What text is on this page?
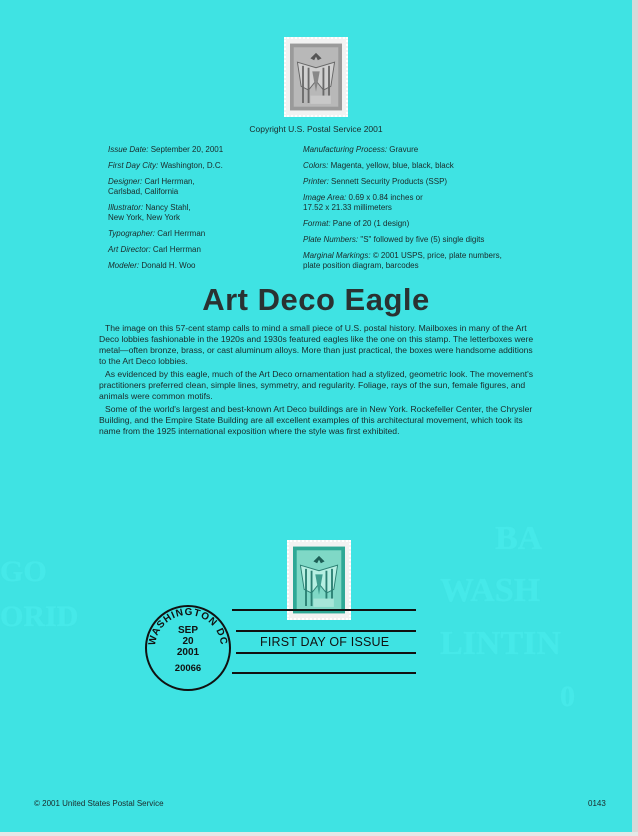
GO
ORID
BA
WASH
LINTIN
0
Copyright U.S. Postal Service 2001
Issue Date: September 20, 2001
First Day City: Washington, D.C.
Designer: Carl Herrman,
Carlsbad, California
Illustrator: Nancy Stahl,
New York, New York
Typographer: Carl Herrman
Art Director: Carl Herrman
Modeler: Donald H. Woo
Manufacturing Process: Gravure
Colors: Magenta, yellow, blue, black, black
Printer: Sennett Security Products (SSP)
Image Area: 0.69 x 0.84 inches or
17.52 x 21.33 millimeters
Format: Pane of 20 (1 design)
Plate Numbers: "S" followed by five (5) single digits
Marginal Markings: © 2001 USPS, price, plate numbers,
plate position diagram, barcodes
Art Deco Eagle

The image on this 57-cent stamp calls to mind a small piece of U.S. postal history. Mailboxes in many of the Art Deco lobbies fashionable in the 1920s and 1930s featured eagles like the one on this stamp. The letterboxes were metal—often bronze, brass, or cast aluminum alloys. More than just practical, the boxes were handsome additions to the Art Deco lobbies.

As evidenced by this eagle, much of the Art Deco ornamentation had a stylized, geometric look. The movement's practitioners preferred clean, simple lines, symmetry, and regularity. Foliage, rays of the sun, female figures, and animals were common motifs.

Some of the world's largest and best-known Art Deco buildings are in New York. Rockefeller Center, the Chrysler Building, and the Empire State Building are all excellent examples of this architectural movement, which took its name from the 1925 international exposition where the style was first exhibited.

WASHINGTON DC
SEP
20
2001
20066
FIRST DAY OF ISSUE
© 2001 United States Postal Service	0143
